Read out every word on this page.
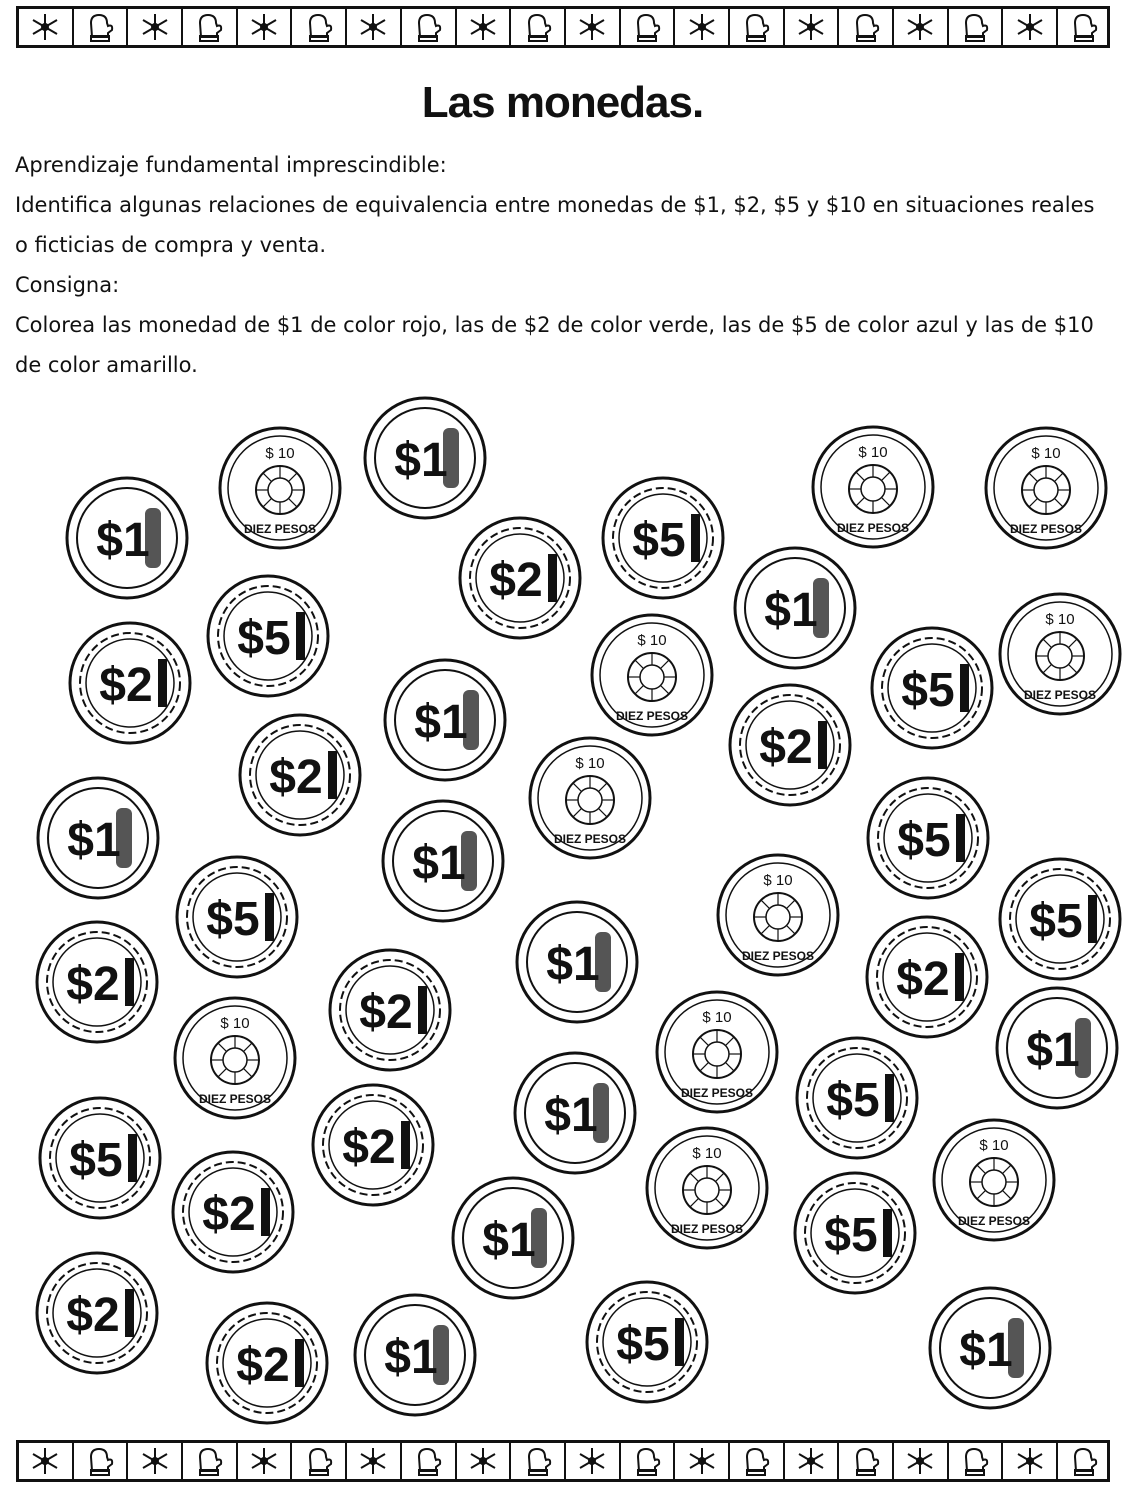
Las monedas.

Aprendizaje fundamental imprescindible:

Identifica algunas relaciones de equivalencia entre monedas de $1, $2, $5 y $10 en situaciones reales o ficticias de compra y venta.

Consigna:

Colorea las monedad de $1 de color rojo, las de $2 de color verde, las de $5 de color azul y las de $10 de color amarillo.

$1
$ 10
DIEZ PESOS
$1	$ 10
DIEZ PESOS
$ 10
DIEZ PESOS
$5
$2
$1
$5	$ 10
DIEZ PESOS
$ 10
DIEZ PESOS
$2	$5
$1	$2
$2	$ 10
DIEZ PESOS	$5
$1	$1
$5
$ 10
DIEZ PESOS
$5
$2	$1	$2
$2
$ 10
DIEZ PESOS
$1
$ 10
DIEZ PESOS $5
$1
$2
$5	$ 10
DIEZ PESOS
$ 10
DIEZ PESOS
$2	$1	$5
$2
$5
$1
$2	$1
